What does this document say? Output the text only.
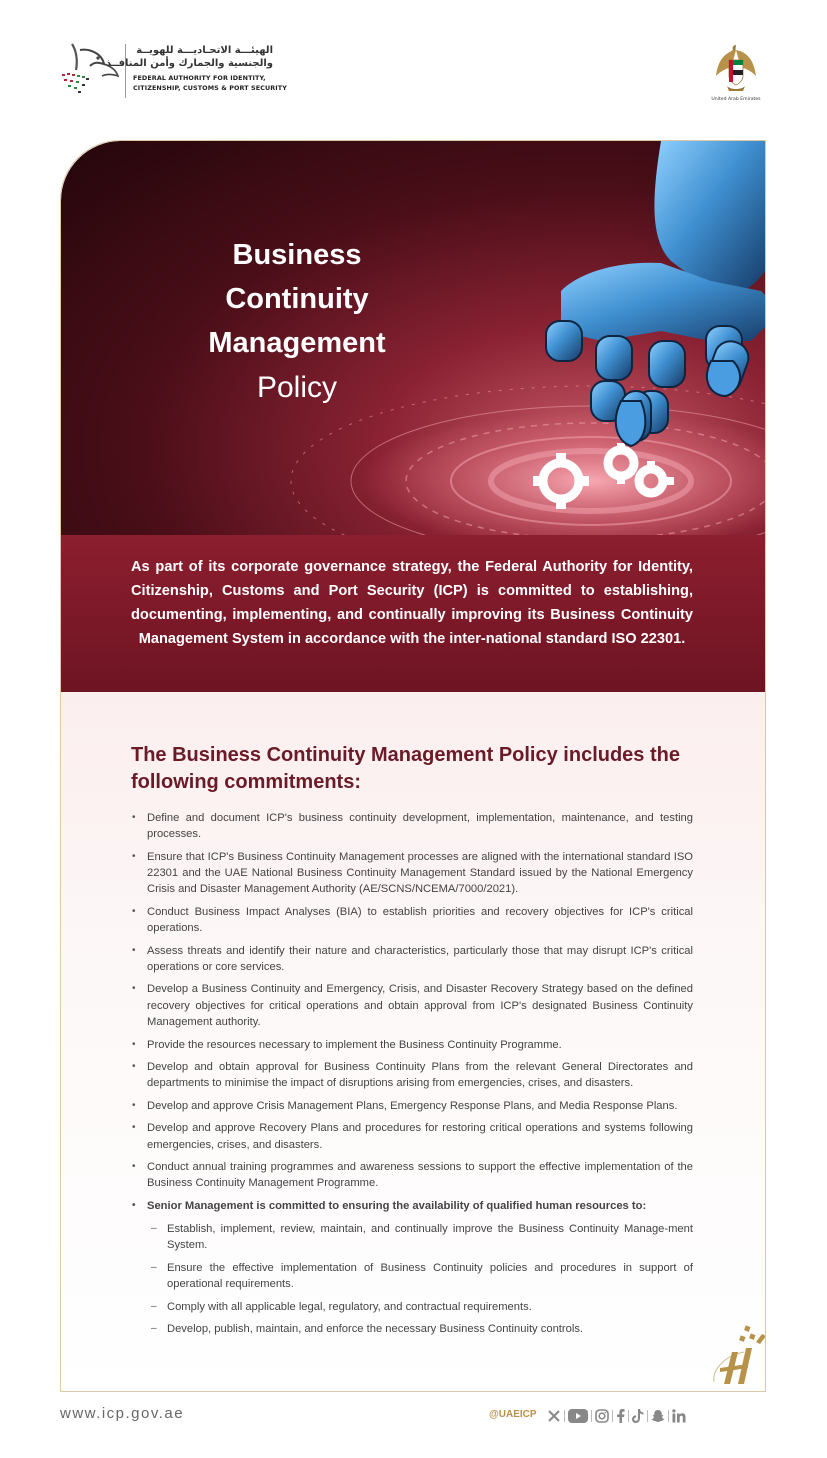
الهيئـــة الاتحـاديـــة للهويــة
والجنسية والجمارك وأمن المنافــذ
FEDERAL AUTHORITY FOR IDENTITY,
CITIZENSHIP, CUSTOMS & PORT SECURITY
United Arab Emirates
Business Continuity
Management
Policy
As part of its corporate governance strategy, the Federal Authority for Identity, Citizenship, Customs and Port Security (ICP) is committed to establishing, documenting, implementing, and continually improving its Business Continuity Management System in accordance with the inter-national standard ISO 22301.
The Business Continuity Management Policy includes the following commitments:
• Define and document ICP's business continuity development, implementation, maintenance, and testing processes.
• Ensure that ICP's Business Continuity Management processes are aligned with the international standard ISO 22301 and the UAE National Business Continuity Management Standard issued by the National Emergency Crisis and Disaster Management Authority (AE/SCNS/NCEMA/7000/2021).
• Conduct Business Impact Analyses (BIA) to establish priorities and recovery objectives for ICP's critical operations.
• Assess threats and identify their nature and characteristics, particularly those that may disrupt ICP's critical operations or core services.
• Develop a Business Continuity and Emergency, Crisis, and Disaster Recovery Strategy based on the defined recovery objectives for critical operations and obtain approval from ICP's designated Business Continuity Management authority.
• Provide the resources necessary to implement the Business Continuity Programme.
• Develop and obtain approval for Business Continuity Plans from the relevant General Directorates and departments to minimise the impact of disruptions arising from emergencies, crises, and disasters.
• Develop and approve Crisis Management Plans, Emergency Response Plans, and Media Response Plans.
• Develop and approve Recovery Plans and procedures for restoring critical operations and systems following emergencies, crises, and disasters.
• Conduct annual training programmes and awareness sessions to support the effective implementation of the Business Continuity Management Programme.
• Senior Management is committed to ensuring the availability of qualified human resources to:
– Establish, implement, review, maintain, and continually improve the Business Continuity Manage-ment System.
– Ensure the effective implementation of Business Continuity policies and procedures in support of operational requirements.
– Comply with all applicable legal, regulatory, and contractual requirements.
– Develop, publish, maintain, and enforce the necessary Business Continuity controls.
www.icp.gov.ae	@UAEICP
